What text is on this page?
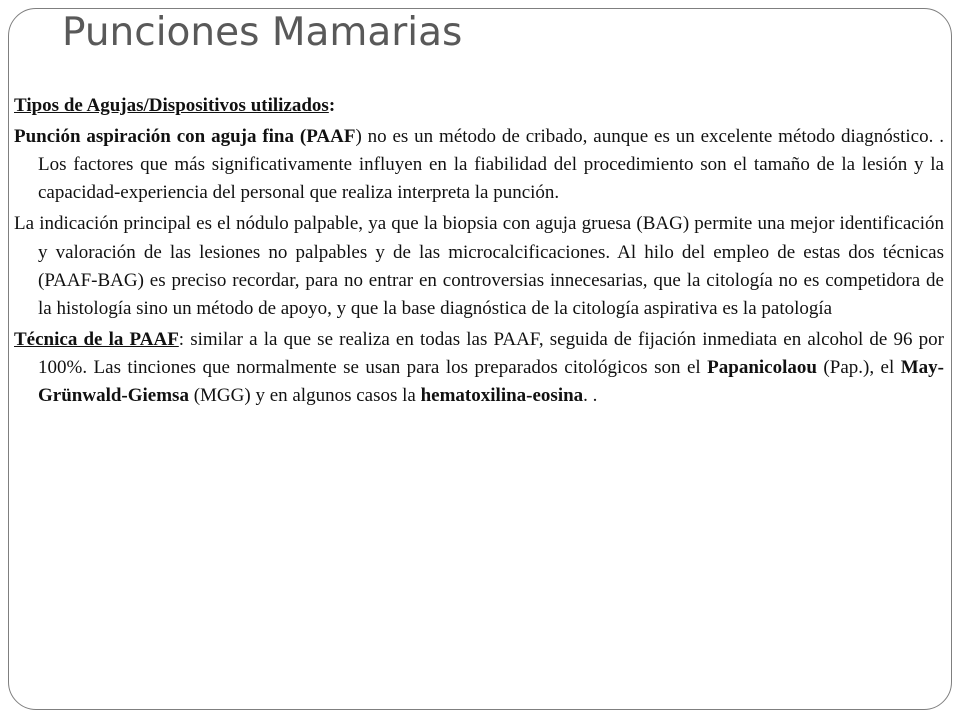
Punciones Mamarias

Tipos de Agujas/Dispositivos utilizados:

Punción aspiración con aguja fina (PAAF) no es un método de cribado, aunque es un excelente método diagnóstico. . Los factores que más significativamente influyen en la fiabilidad del procedimiento son el tamaño de la lesión y la capacidad-experiencia del personal que realiza interpreta la punción.

La indicación principal es el nódulo palpable, ya que la biopsia con aguja gruesa (BAG) permite una mejor identificación y valoración de las lesiones no palpables y de las microcalcificaciones. Al hilo del empleo de estas dos técnicas (PAAF-BAG) es preciso recordar, para no entrar en controversias innecesarias, que la citología no es competidora de la histología sino un método de apoyo, y que la base diagnóstica de la citología aspirativa es la patología

Técnica de la PAAF: similar a la que se realiza en todas las PAAF, seguida de fijación inmediata en alcohol de 96 por 100%. Las tinciones que normalmente se usan para los preparados citológicos son el Papanicolaou (Pap.), el May-Grünwald-Giemsa (MGG) y en algunos casos la hematoxilina-eosina. .
